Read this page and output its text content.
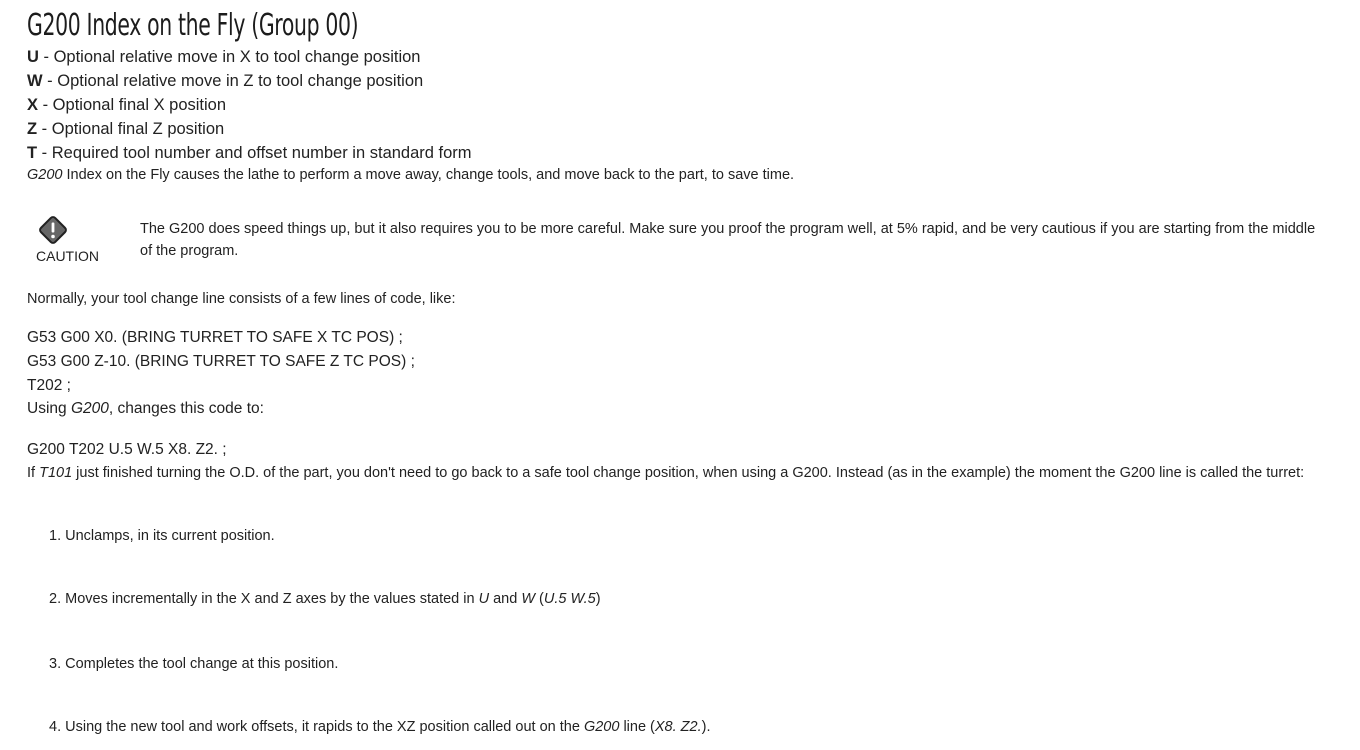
G200 Index on the Fly (Group 00)
U - Optional relative move in X to tool change position
W - Optional relative move in Z to tool change position
X - Optional final X position
Z - Optional final Z position
T - Required tool number and offset number in standard form
G200 Index on the Fly causes the lathe to perform a move away, change tools, and move back to the part, to save time.
CAUTION
The G200 does speed things up, but it also requires you to be more careful. Make sure you proof the program well, at 5% rapid, and be very cautious if you are starting from the middle of the program.
Normally, your tool change line consists of a few lines of code, like:
G53 G00 X0. (BRING TURRET TO SAFE X TC POS) ;
G53 G00 Z-10. (BRING TURRET TO SAFE Z TC POS) ;
T202 ;
Using G200, changes this code to:
G200 T202 U.5 W.5 X8. Z2. ;
If T101 just finished turning the O.D. of the part, you don't need to go back to a safe tool change position, when using a G200. Instead (as in the example) the moment the G200 line is called the turret:
1. Unclamps, in its current position.
2. Moves incrementally in the X and Z axes by the values stated in U and W (U.5 W.5)
3. Completes the tool change at this position.
4. Using the new tool and work offsets, it rapids to the XZ position called out on the G200 line (X8. Z2.).
